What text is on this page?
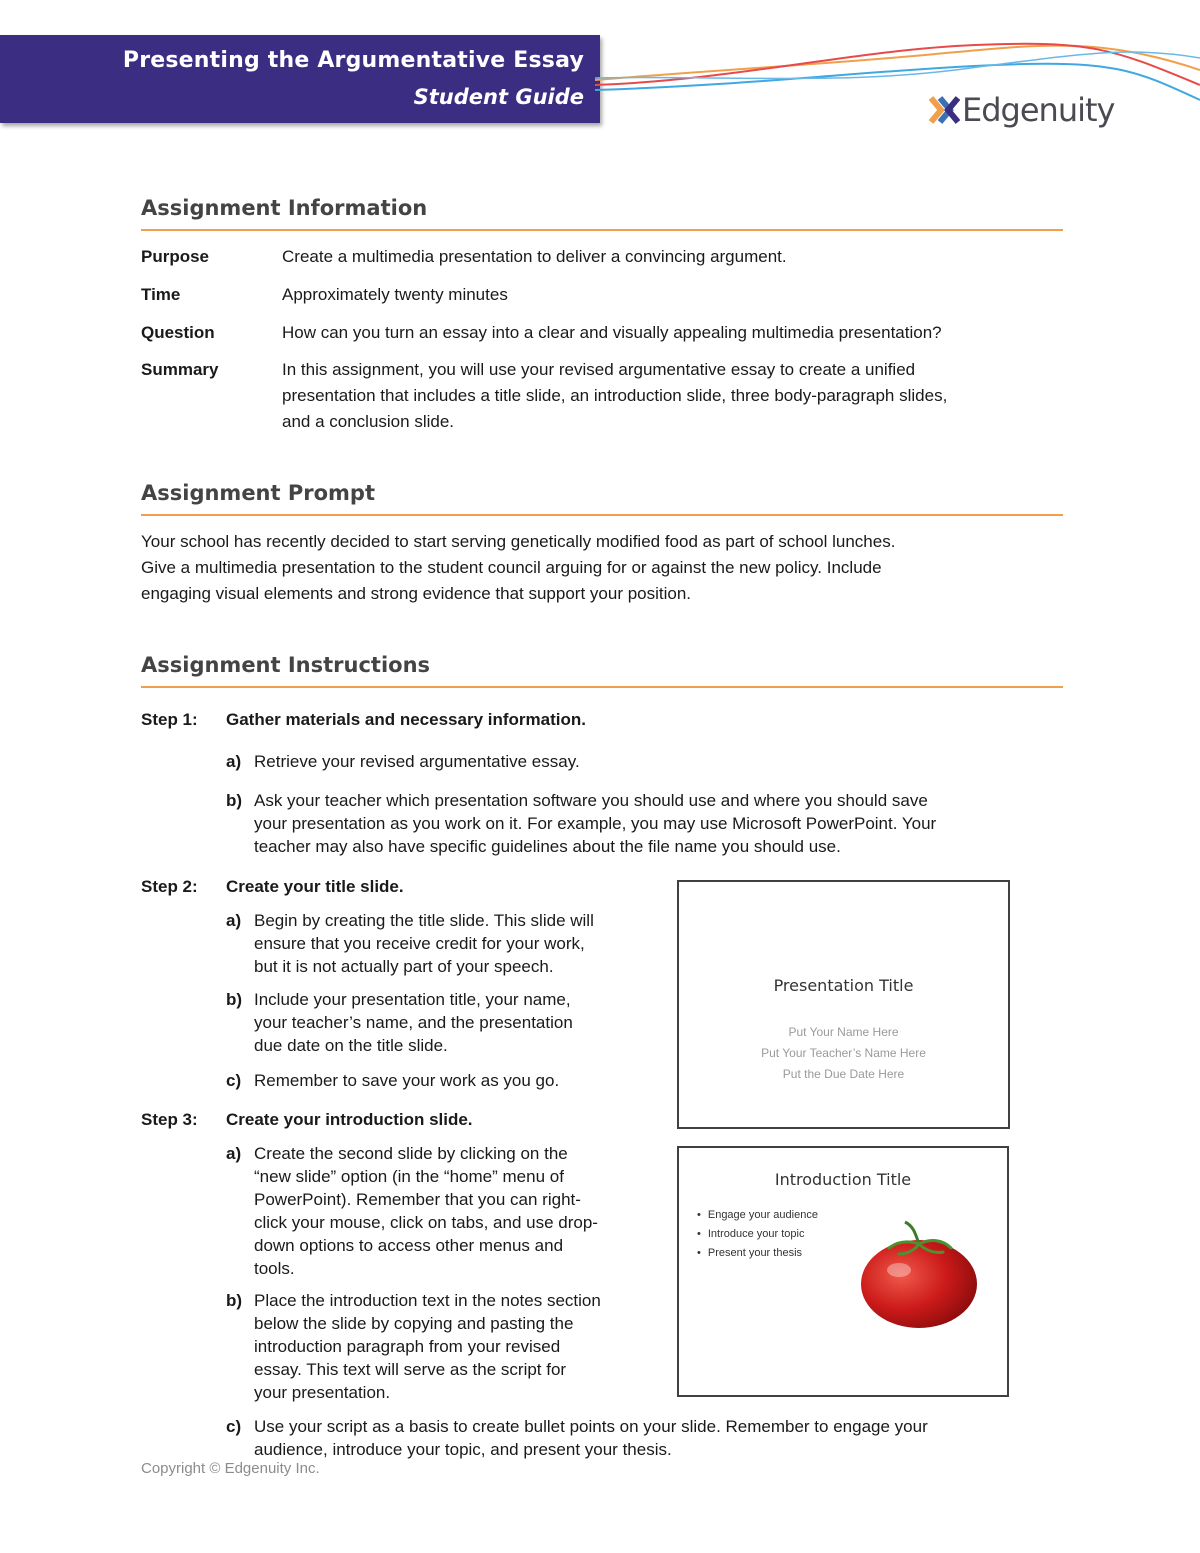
Presenting the Argumentative Essay
Student Guide	Edgenuity
Assignment Information
Purpose	Create a multimedia presentation to deliver a convincing argument.
Time	Approximately twenty minutes
Question	How can you turn an essay into a clear and visually appealing multimedia presentation?
Summary	In this assignment, you will use your revised argumentative essay to create a unified
presentation that includes a title slide, an introduction slide, three body-paragraph slides,
and a conclusion slide.
Assignment Prompt
Your school has recently decided to start serving genetically modified food as part of school lunches.
Give a multimedia presentation to the student council arguing for or against the new policy. Include
engaging visual elements and strong evidence that support your position.
Assignment Instructions
Step 1: Gather materials and necessary information.
a) Retrieve your revised argumentative essay.
b) Ask your teacher which presentation software you should use and where you should save
your presentation as you work on it. For example, you may use Microsoft PowerPoint. Your
teacher may also have specific guidelines about the file name you should use.
Step 2: Create your title slide.
a) Begin by creating the title slide. This slide will
ensure that you receive credit for your work,
but it is not actually part of your speech.
b) Include your presentation title, your name,
your teacher’s name, and the presentation
due date on the title slide.
c) Remember to save your work as you go.
Step 3: Create your introduction slide.
a) Create the second slide by clicking on the
“new slide” option (in the “home” menu of
PowerPoint). Remember that you can right-
click your mouse, click on tabs, and use drop-
down options to access other menus and
tools.
b) Place the introduction text in the notes section
below the slide by copying and pasting the
introduction paragraph from your revised
essay. This text will serve as the script for
your presentation.
c) Use your script as a basis to create bullet points on your slide. Remember to engage your
audience, introduce your topic, and present your thesis.
Presentation Title
Put Your Name Here
Put Your Teacher’s Name Here
Put the Due Date Here
Introduction Title
• Engage your audience
• Introduce your topic
• Present your thesis
Copyright © Edgenuity Inc.
